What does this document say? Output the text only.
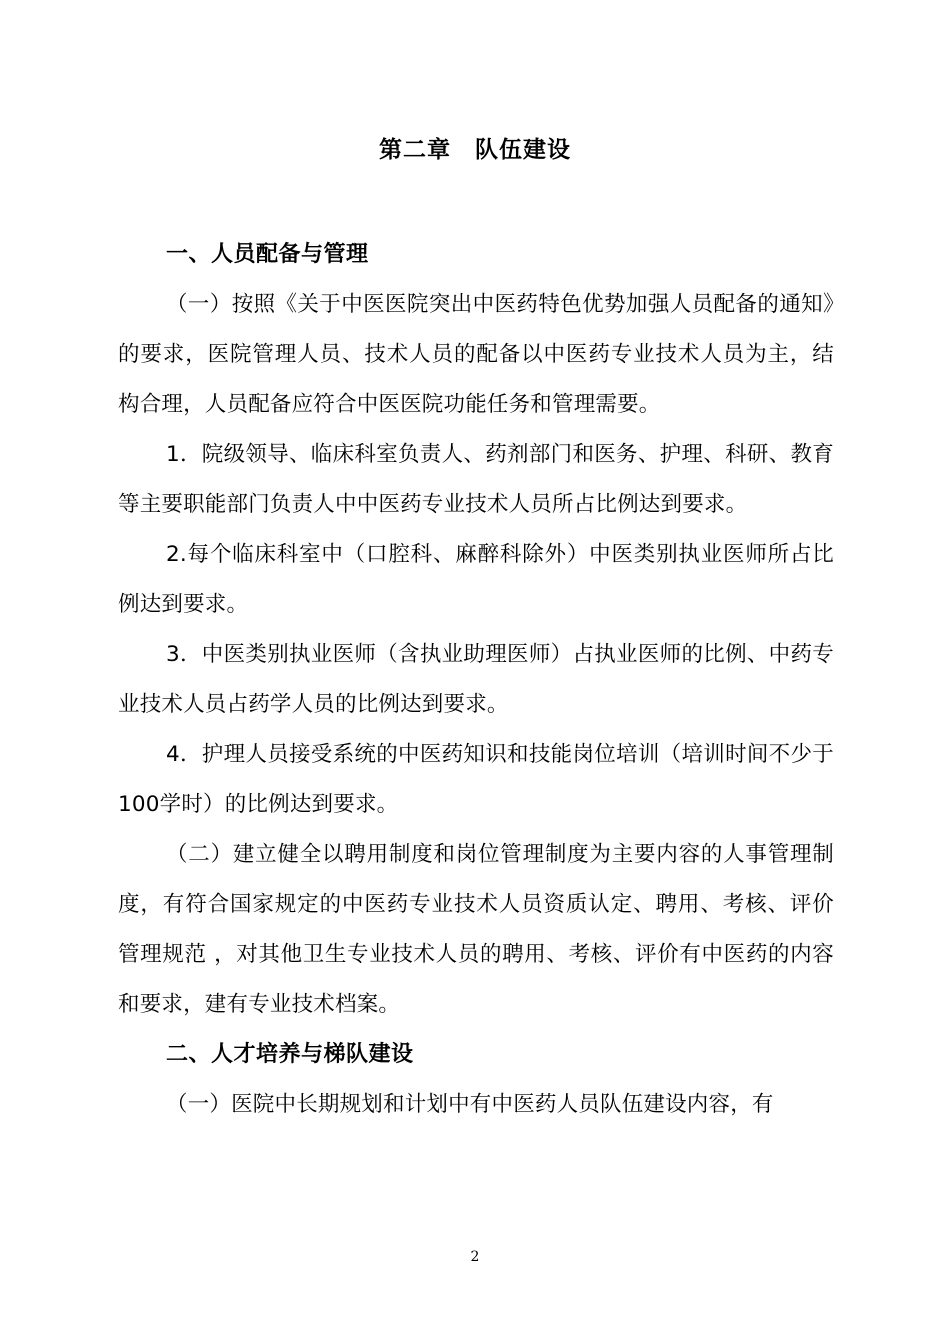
第二章　队伍建设

一、人员配备与管理

（一）按照《关于中医医院突出中医药特色优势加强人员配备的通知》的要求，医院管理人员、技术人员的配备以中医药专业技术人员为主，结构合理，人员配备应符合中医医院功能任务和管理需要。

1．院级领导、临床科室负责人、药剂部门和医务、护理、科研、教育等主要职能部门负责人中中医药专业技术人员所占比例达到要求。

2.每个临床科室中（口腔科、麻醉科除外）中医类别执业医师所占比例达到要求。

3．中医类别执业医师（含执业助理医师）占执业医师的比例、中药专业技术人员占药学人员的比例达到要求。

4．护理人员接受系统的中医药知识和技能岗位培训（培训时间不少于100学时）的比例达到要求。

（二）建立健全以聘用制度和岗位管理制度为主要内容的人事管理制度，有符合国家规定的中医药专业技术人员资质认定、聘用、考核、评价管理规范 ，对其他卫生专业技术人员的聘用、考核、评价有中医药的内容和要求，建有专业技术档案。

二、人才培养与梯队建设

（一）医院中长期规划和计划中有中医药人员队伍建设内容，有

2
